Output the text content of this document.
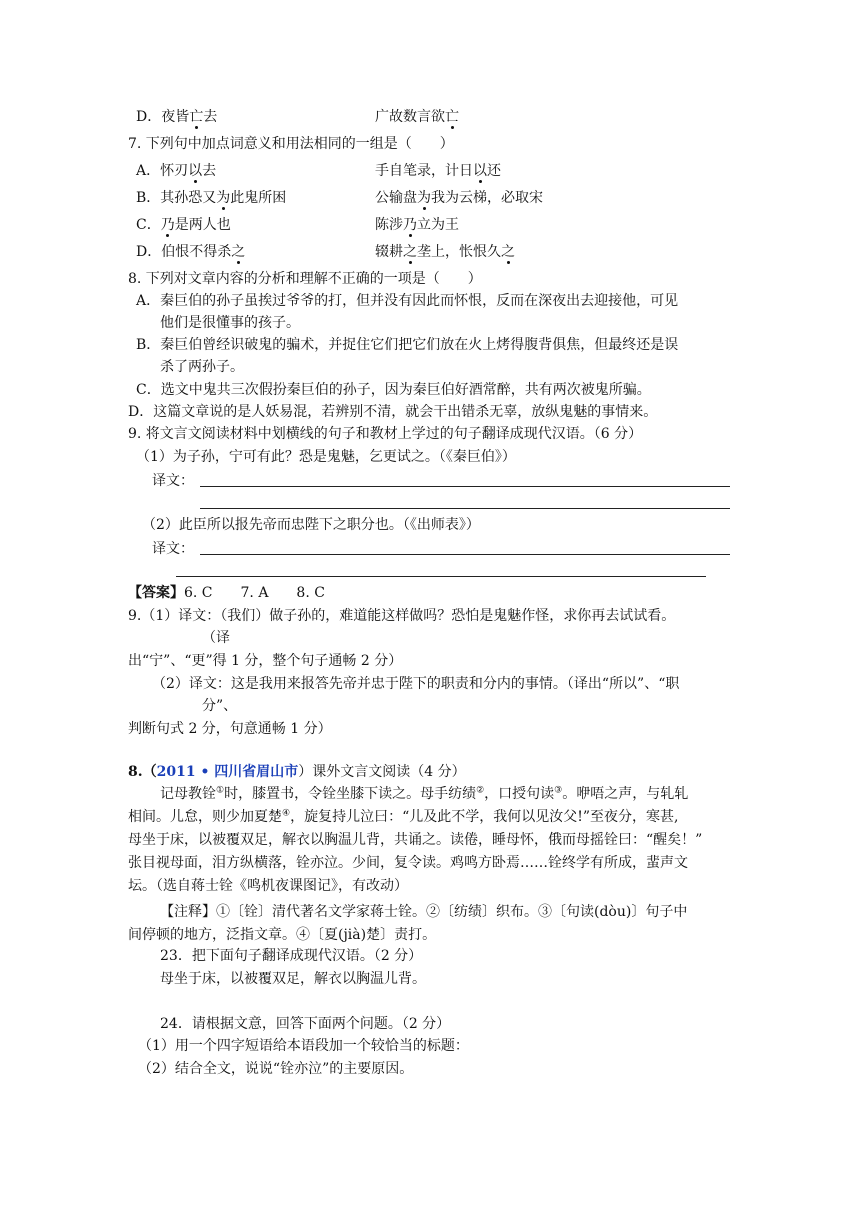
D．夜皆亡去	广故数言欲亡
7. 下列句中加点词意义和用法相同的一组是（　　）
A．怀刃以去	手自笔录，计日以还
B．其孙恐又为此鬼所困	公输盘为我为云梯，必取宋
C．乃是两人也	陈涉乃立为王
D．伯恨不得杀之	辍耕之垄上，怅恨久之
8. 下列对文章内容的分析和理解不正确的一项是（　　）
A．秦巨伯的孙子虽挨过爷爷的打，但并没有因此而怀恨，反而在深夜出去迎接他，可见
他们是很懂事的孩子。
B．秦巨伯曾经识破鬼的骗术，并捉住它们把它们放在火上烤得腹背俱焦，但最终还是误
杀了两孙子。
C．选文中鬼共三次假扮秦巨伯的孙子，因为秦巨伯好酒常醉，共有两次被鬼所骗。
D．这篇文章说的是人妖易混，若辨别不清，就会干出错杀无辜，放纵鬼魅的事情来。
9. 将文言文阅读材料中划横线的句子和教材上学过的句子翻译成现代汉语。（6 分）
（1）为子孙，宁可有此？恐是鬼魅，乞更试之。（《秦巨伯》）
译文：
（2）此臣所以报先帝而忠陛下之职分也。（《出师表》）
译文：
【答案】6. C　　7. A　　8. C
9.（1）译文：（我们）做子孙的，难道能这样做吗？恐怕是鬼魅作怪，求你再去试试看。
（译
出“宁”、“更”得 1 分，整个句子通畅 2 分）
（2）译文：这是我用来报答先帝并忠于陛下的职责和分内的事情。（译出“所以”、“职
分”、
判断句式 2 分，句意通畅 1 分）
8.（2011 • 四川省眉山市）课外文言文阅读（4 分）
记母教铨①时，膝置书，令铨坐膝下读之。母手纺绩②，口授句读③。咿唔之声，与轧轧
相间。儿怠，则少加夏楚④，旋复持儿泣曰：“儿及此不学，我何以见汝父!”至夜分，寒甚,
母坐于床，以被覆双足，解衣以胸温儿背，共诵之。读倦，睡母怀，俄而母摇铨曰：“醒矣！”
张目视母面，泪方纵横落，铨亦泣。少间，复令读。鸡鸣方卧焉……铨终学有所成，蜚声文
坛。（选自蒋士铨《鸣机夜课图记》，有改动）
【注释】①〔铨〕清代著名文学家蒋士铨。②〔纺绩〕织布。③〔句读(dòu)〕句子中
间停顿的地方，泛指文章。④〔夏(jià)楚〕责打。
23．把下面句子翻译成现代汉语。（2 分）
母坐于床，以被覆双足，解衣以胸温儿背。
24．请根据文意，回答下面两个问题。（2 分）
（1）用一个四字短语给本语段加一个较恰当的标题：
（2）结合全文，说说“铨亦泣”的主要原因。
